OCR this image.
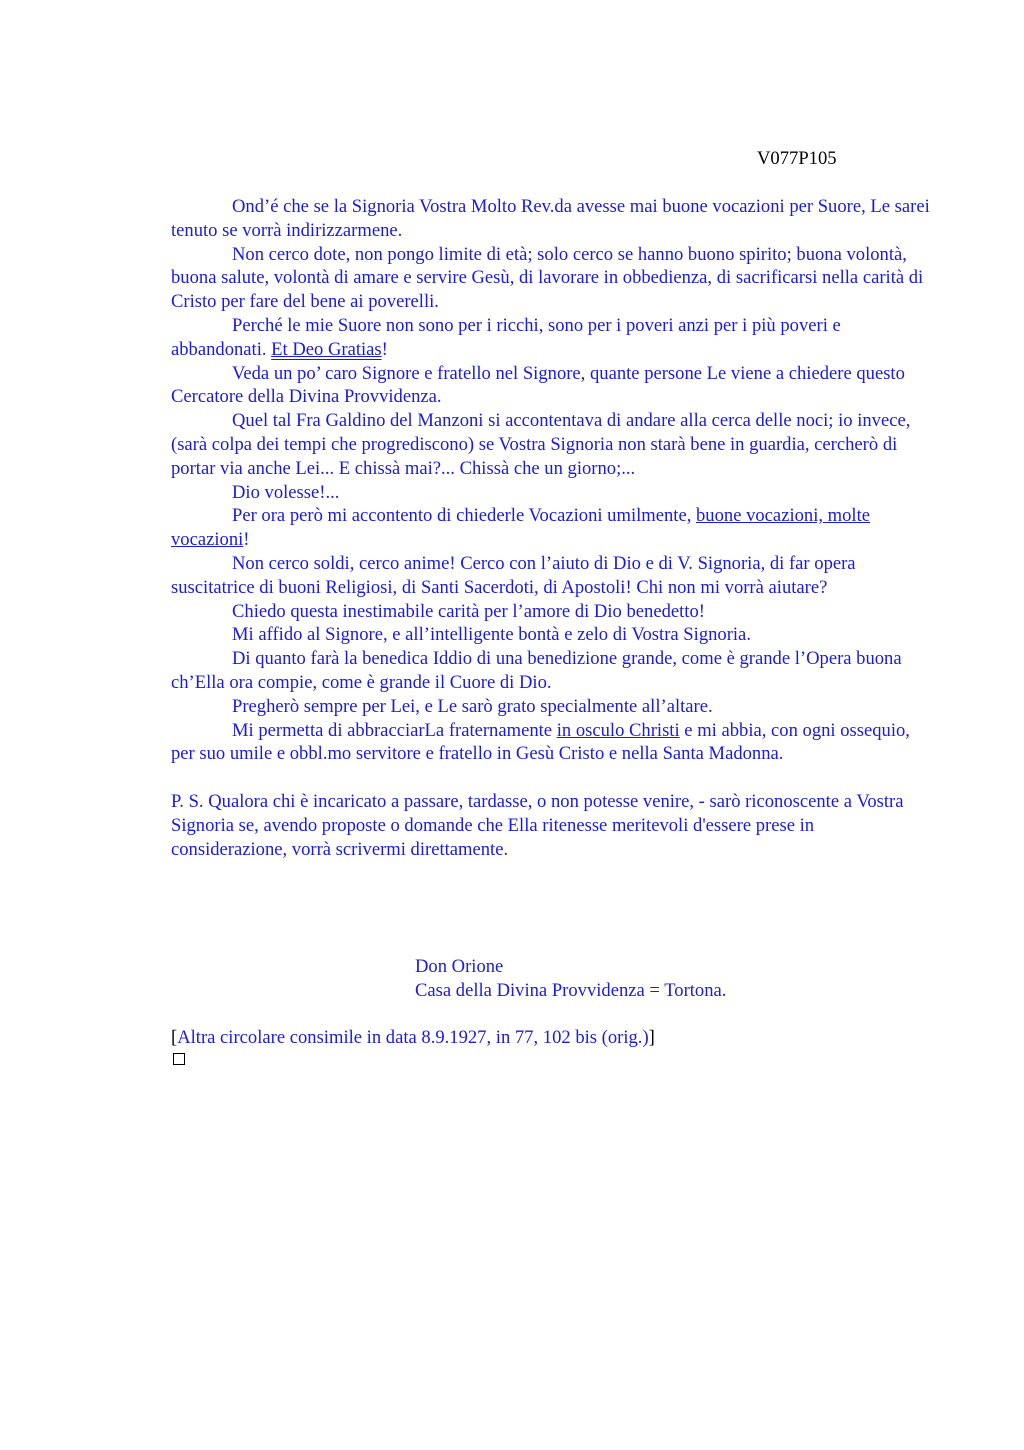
V077P105

Ond’é che se la Signoria Vostra Molto Rev.da avesse mai buone vocazioni per Suore, Le sarei tenuto se vorrà indirizzarmene.

Non cerco dote, non pongo limite di età; solo cerco se hanno buono spirito; buona volontà, buona salute, volontà di amare e servire Gesù, di lavorare in obbedienza, di sacrificarsi nella carità di Cristo per fare del bene ai poverelli.

Perché le mie Suore non sono per i ricchi, sono per i poveri anzi per i più poveri e abbandonati. Et Deo Gratias!

Veda un po’ caro Signore e fratello nel Signore, quante persone Le viene a chiedere questo Cercatore della Divina Provvidenza.

Quel tal Fra Galdino del Manzoni si accontentava di andare alla cerca delle noci; io invece, (sarà colpa dei tempi che progrediscono) se Vostra Signoria non starà bene in guardia, cercherò di portar via anche Lei... E chissà mai?... Chissà che un giorno;...

Dio volesse!...

Per ora però mi accontento di chiederle Vocazioni umilmente, buone vocazioni, molte vocazioni!

Non cerco soldi, cerco anime! Cerco con l’aiuto di Dio e di V. Signoria, di far opera suscitatrice di buoni Religiosi, di Santi Sacerdoti, di Apostoli! Chi non mi vorrà aiutare?

Chiedo questa inestimabile carità per l’amore di Dio benedetto!

Mi affido al Signore, e all’intelligente bontà e zelo di Vostra Signoria.

Di quanto farà la benedica Iddio di una benedizione grande, come è grande l’Opera buona ch’Ella ora compie, come è grande il Cuore di Dio.

Pregherò sempre per Lei, e Le sarò grato specialmente all’altare.

Mi permetta di abbracciarLa fraternamente in osculo Christi e mi abbia, con ogni ossequio, per suo umile e obbl.mo servitore e fratello in Gesù Cristo e nella Santa Madonna.

P. S. Qualora chi è incaricato a passare, tardasse, o non potesse venire, - sarò riconoscente a Vostra Signoria se, avendo proposte o domande che Ella ritenesse meritevoli d'essere prese in considerazione, vorrà scrivermi direttamente.

Don Orione
Casa della Divina Provvidenza = Tortona.
[Altra circolare consimile in data 8.9.1927, in 77, 102 bis (orig.)]
